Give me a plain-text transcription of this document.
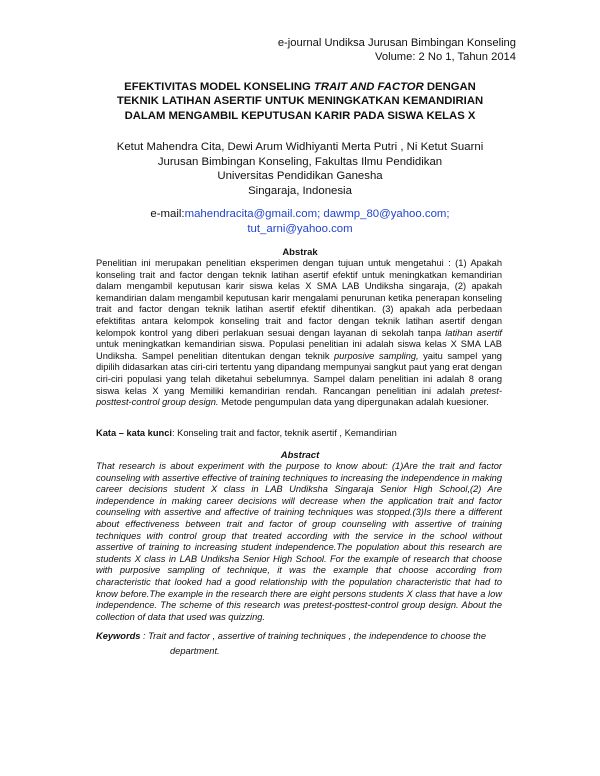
e-journal Undiksa Jurusan Bimbingan Konseling
Volume: 2 No 1, Tahun 2014
EFEKTIVITAS MODEL KONSELING TRAIT AND FACTOR DENGAN
TEKNIK LATIHAN ASERTIF UNTUK MENINGKATKAN KEMANDIRIAN
DALAM MENGAMBIL KEPUTUSAN KARIR PADA SISWA KELAS X
Ketut Mahendra Cita, Dewi Arum Widhiyanti Merta Putri , Ni Ketut Suarni
Jurusan Bimbingan Konseling, Fakultas Ilmu Pendidikan
Universitas Pendidikan Ganesha
Singaraja, Indonesia
e-mail:mahendracita@gmail.com; dawmp_80@yahoo.com;
tut_arni@yahoo.com
Abstrak
Penelitian ini merupakan penelitian eksperimen dengan tujuan untuk mengetahui : (1) Apakah konseling trait and factor dengan teknik latihan asertif efektif untuk meningkatkan kemandirian dalam mengambil keputusan karir siswa kelas X SMA LAB Undiksha singaraja, (2) apakah kemandirian dalam mengambil keputusan karir mengalami penurunan ketika penerapan konseling trait and factor dengan teknik latihan asertif efektif dihentikan. (3) apakah ada perbedaan efektifitas antara kelompok konseling trait and factor dengan teknik latihan asertif dengan kelompok kontrol yang diberi perlakuan sesuai dengan layanan di sekolah tanpa latihan asertif untuk meningkatkan kemandirian siswa. Populasi penelitian ini adalah siswa kelas X SMA LAB Undiksha. Sampel penelitian ditentukan dengan teknik purposive sampling, yaitu sampel yang dipilih didasarkan atas ciri-ciri tertentu yang dipandang mempunyai sangkut paut yang erat dengan ciri-ciri populasi yang telah diketahui sebelumnya. Sampel dalam penelitian ini adalah 8 orang siswa kelas X yang Memiliki kemandirian rendah. Rancangan penelitian ini adalah pretest-posttest-control group design. Metode pengumpulan data yang dipergunakan adalah kuesioner.
Kata – kata kunci: Konseling trait and factor, teknik asertif , Kemandirian
Abstract
That research is about experiment with the purpose to know about: (1)Are the trait and factor counseling with assertive effective of training techniques to increasing the independence in making career decisions student X class in LAB Undiksha Singaraja Senior High School,(2) Are independence in making career decisions will decrease when the application trait and factor counseling with assertive and affective of training techniques was stopped.(3)Is there a different about effectiveness between trait and factor of group counseling with assertive of training techniques with control group that treated according with the service in the school without assertive of training to increasing student independence.The population about this research are students X class in LAB Undiksha Senior High School. For the example of research that choose with purposive sampling of technique, it was the example that choose according from characteristic that looked had a good relationship with the population characteristic that had to know before.The example in the research there are eight persons students X class that have a low independence. The scheme of this research was pretest-posttest-control group design. About the collection of data that used was quizzing.
Keywords : Trait and factor , assertive of training techniques , the independence to choose the
department.
